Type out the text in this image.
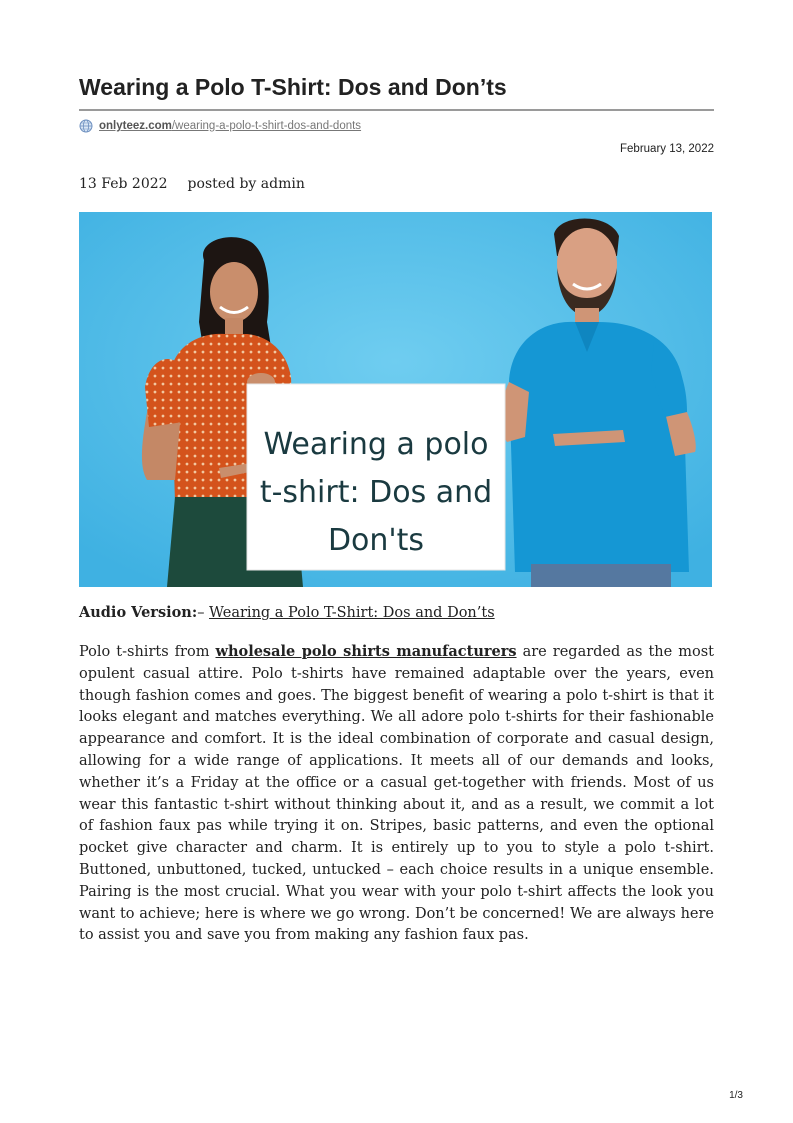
Wearing a Polo T-Shirt: Dos and Don’ts
onlyteez.com/wearing-a-polo-t-shirt-dos-and-donts
February 13, 2022
13 Feb 2022 posted by admin
Wearing a polo
t-shirt: Dos and
Don'ts
Audio Version:– Wearing a Polo T-Shirt: Dos and Don’ts

Polo t-shirts from wholesale polo shirts manufacturers are regarded as the most opulent casual attire. Polo t-shirts have remained adaptable over the years, even though fashion comes and goes. The biggest benefit of wearing a polo t-shirt is that it looks elegant and matches everything. We all adore polo t-shirts for their fashionable appearance and comfort. It is the ideal combination of corporate and casual design, allowing for a wide range of applications. It meets all of our demands and looks, whether it’s a Friday at the office or a casual get-together with friends. Most of us wear this fantastic t-shirt without thinking about it, and as a result, we commit a lot of fashion faux pas while trying it on. Stripes, basic patterns, and even the optional pocket give character and charm. It is entirely up to you to style a polo t-shirt. Buttoned, unbuttoned, tucked, untucked – each choice results in a unique ensemble. Pairing is the most crucial. What you wear with your polo t-shirt affects the look you want to achieve; here is where we go wrong. Don’t be concerned! We are always here to assist you and save you from making any fashion faux pas.

1/3
